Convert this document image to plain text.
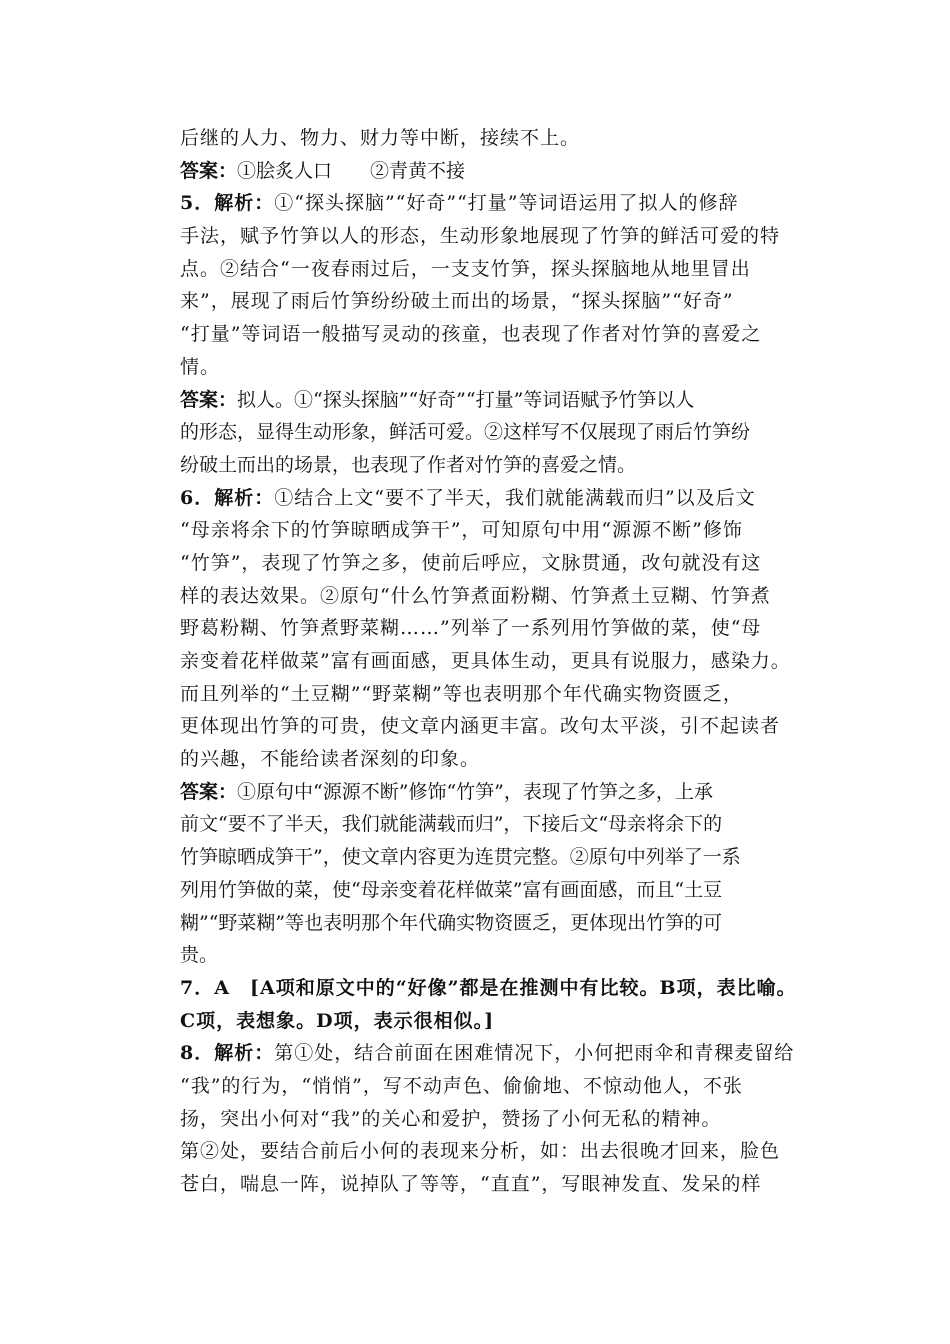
后继的人力、物力、财力等中断，接续不上。
答案：①脍炙人口　　②青黄不接
5．解析：①“探头探脑”“好奇”“打量”等词语运用了拟人的修辞
手法，赋予竹笋以人的形态，生动形象地展现了竹笋的鲜活可爱的特
点。②结合“一夜春雨过后，一支支竹笋，探头探脑地从地里冒出
来”，展现了雨后竹笋纷纷破土而出的场景，“探头探脑”“好奇”
“打量”等词语一般描写灵动的孩童，也表现了作者对竹笋的喜爱之
情。
答案：拟人。①“探头探脑”“好奇”“打量”等词语赋予竹笋以人
的形态，显得生动形象，鲜活可爱。②这样写不仅展现了雨后竹笋纷
纷破土而出的场景，也表现了作者对竹笋的喜爱之情。
6．解析：①结合上文“要不了半天，我们就能满载而归”以及后文
“母亲将余下的竹笋晾晒成笋干”，可知原句中用“源源不断”修饰
“竹笋”，表现了竹笋之多，使前后呼应，文脉贯通，改句就没有这
样的表达效果。②原句“什么竹笋煮面粉糊、竹笋煮土豆糊、竹笋煮
野葛粉糊、竹笋煮野菜糊……”列举了一系列用竹笋做的菜，使“母
亲变着花样做菜”富有画面感，更具体生动，更具有说服力，感染力。
而且列举的“土豆糊”“野菜糊”等也表明那个年代确实物资匮乏，
更体现出竹笋的可贵，使文章内涵更丰富。改句太平淡，引不起读者
的兴趣，不能给读者深刻的印象。
答案：①原句中“源源不断”修饰“竹笋”，表现了竹笋之多，上承
前文“要不了半天，我们就能满载而归”，下接后文“母亲将余下的
竹笋晾晒成笋干”，使文章内容更为连贯完整。②原句中列举了一系
列用竹笋做的菜，使“母亲变着花样做菜”富有画面感，而且“土豆
糊”“野菜糊”等也表明那个年代确实物资匮乏，更体现出竹笋的可
贵。
7．A　[A项和原文中的“好像”都是在推测中有比较。B项，表比喻。
C项，表想象。D项，表示很相似。]
8．解析：第①处，结合前面在困难情况下，小何把雨伞和青稞麦留给
“我”的行为，“悄悄”，写不动声色、偷偷地、不惊动他人，不张
扬，突出小何对“我”的关心和爱护，赞扬了小何无私的精神。
第②处，要结合前后小何的表现来分析，如：出去很晚才回来，脸色
苍白，喘息一阵，说掉队了等等，“直直”，写眼神发直、发呆的样
